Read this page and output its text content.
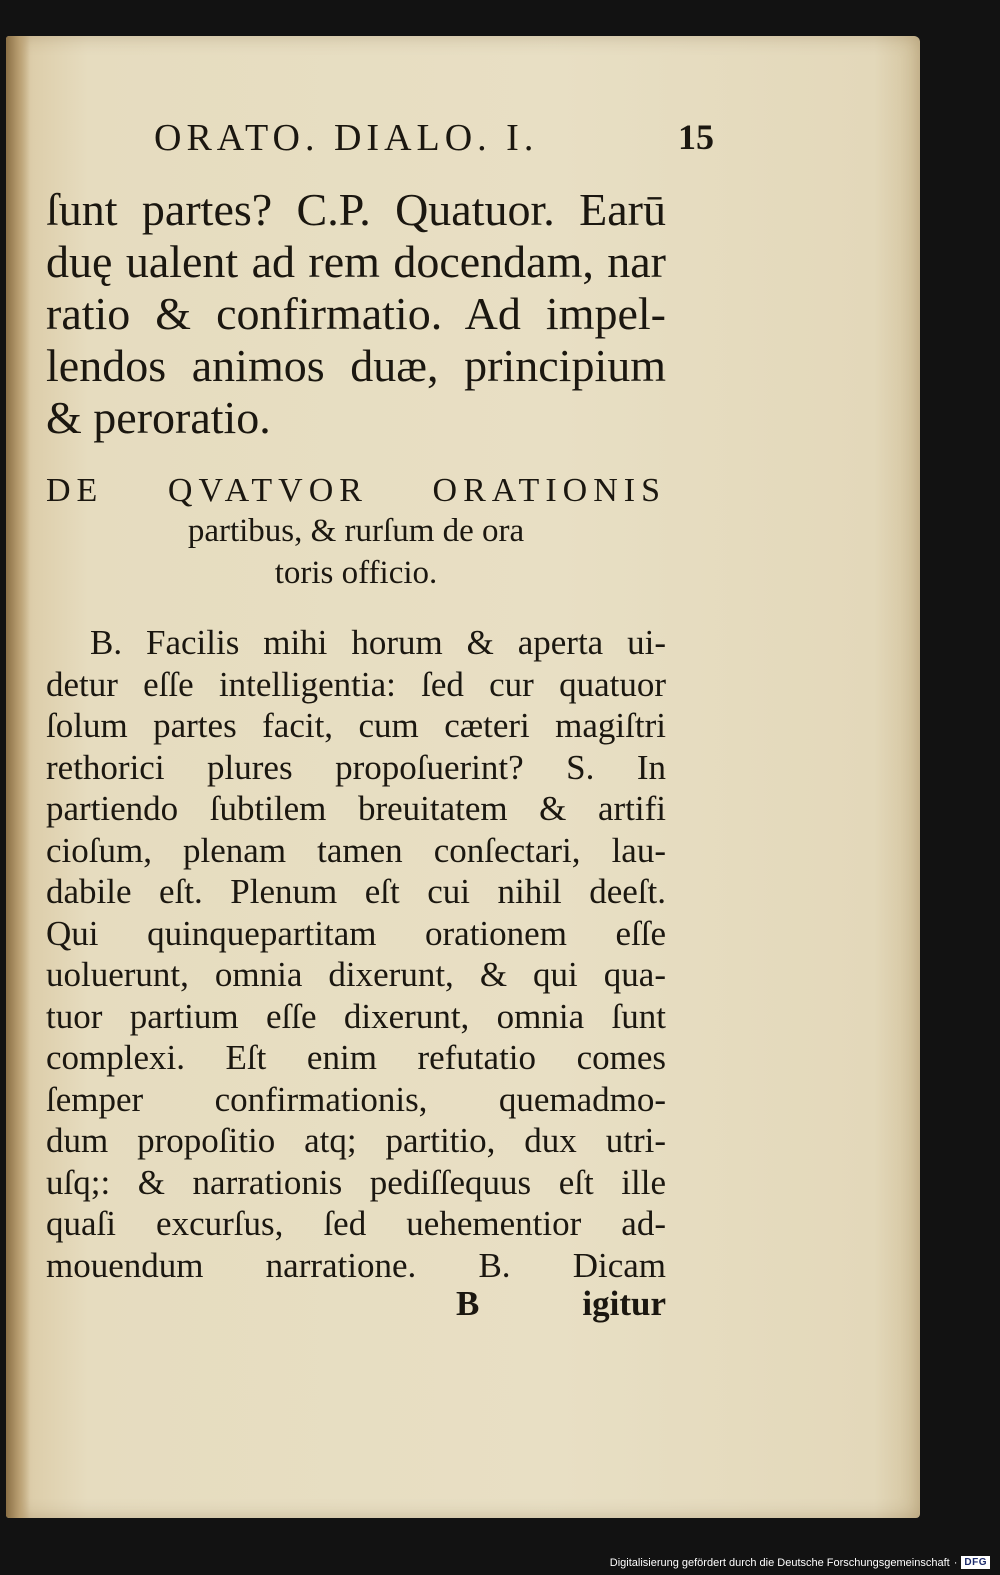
ORATO. DIALO. I.	15
ſunt partes? C.P. Quatuor. Earū
duę ualent ad rem docendam, nar
ratio & confirmatio. Ad impel-
lendos animos duæ, principium
& peroratio.
DE QVATVOR ORATIONIS
partibus, & rurſum de ora
toris officio.
B. Facilis mihi horum & aperta ui-
detur eſſe intelligentia: ſed cur quatuor
ſolum partes facit, cum cæteri magiſtri
rethorici plures propoſuerint? S. In
partiendo ſubtilem breuitatem & artifi
cioſum, plenam tamen conſectari, lau-
dabile eſt. Plenum eſt cui nihil deeſt.
Qui quinquepartitam orationem eſſe
uoluerunt, omnia dixerunt, & qui qua-
tuor partium eſſe dixerunt, omnia ſunt
complexi. Eſt enim refutatio comes
ſemper confirmationis, quemadmo-
dum propoſitio atq; partitio, dux utri-
uſq;: & narrationis pediſſequus eſt ille
quaſi excurſus, ſed uehementior ad-
mouendum narratione. B. Dicam
B	igitur
Digitalisierung gefördert durch die Deutsche Forschungsgemeinschaft · DFG
